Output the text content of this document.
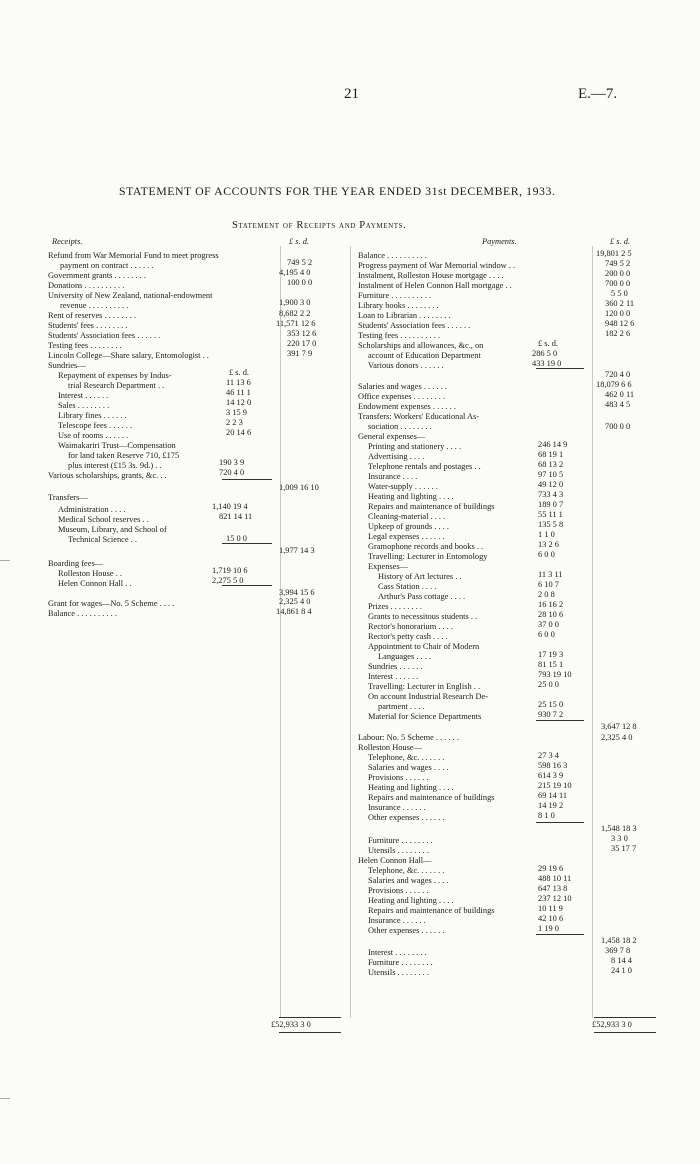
21	E.—7.
STATEMENT OF ACCOUNTS FOR THE YEAR ENDED 31st DECEMBER, 1933.
Statement of Receipts and Payments.
Receipts.	£ s. d.	Payments.	£ s. d.
Refund from War Memorial Fund to meet progress
payment on contract . . . . . .	749 5 2
Government grants . . . . . . . .	4,195 4 0
Donations . . . . . . . . . .	100 0 0
University of New Zealand, national-endowment
revenue . . . . . . . . . .	1,900 3 0
Rent of reserves . . . . . . . .	8,682 2 2
Students' fees . . . . . . . .	11,571 12 6
Students' Association fees . . . . . .	353 12 6
Testing fees . . . . . . . .	220 17 0
Lincoln College—Share salary, Entomologist . .	391 7 9
Sundries—
Repayment of expenses by Indus-	£ s. d.
trial Research Department . .	11 13 6
Interest . . . . . .	46 11 1
Sales . . . . . . . .	14 12 0
Library fines . . . . . .	3 15 9
Telescope fees . . . . . .	2 2 3
Use of rooms . . . . . .	20 14 6
Waimakariri Trust—Compensation
for land taken Reserve 710, £175
plus interest (£15 3s. 9d.) . .	190 3 9
Various scholarships, grants, &c. . .	720 4 0
1,009 16 10
Transfers—
Administration . . . .	1,140 19 4
Medical School reserves . .	821 14 11
Museum, Library, and School of
Technical Science . .	15 0 0
1,977 14 3
Boarding fees—
Rolleston House . .	1,719 10 6
Helen Connon Hall . .	2,275 5 0
3,994 15 6
Grant for wages—No. 5 Scheme . . . .	2,325 4 0
Balance . . . . . . . . . .	14,861 8 4
£52,933 3 0
Balance . . . . . . . . . .	19,801 2 5
Progress payment of War Memorial window . .	749 5 2
Instalment, Rolleston House mortgage . . . .	200 0 0
Instalment of Helen Connon Hall mortgage . .	700 0 0
Furniture . . . . . . . . . .	5 5 0
Library books . . . . . . . .	360 2 11
Loan to Librarian . . . . . . . .	120 0 0
Students' Association fees . . . . . .	948 12 6
Testing fees . . . . . . . . . .	182 2 6
Scholarships and allowances, &c., on	£ s. d.
account of Education Department	286 5 0
Various donors . . . . . .	433 19 0
720 4 0
Salaries and wages . . . . . .	18,079 6 6
Office expenses . . . . . . . .	462 0 11
Endowment expenses . . . . . .	483 4 5
Transfers: Workers' Educational As-
sociation . . . . . . . .	700 0 0
General expenses—
Printing and stationery . . . .	246 14 9
Advertising . . . .	68 19 1
Telephone rentals and postages . .	68 13 2
Insurance . . . .	97 10 5
Water-supply . . . . . .	49 12 0
Heating and lighting . . . .	733 4 3
Repairs and maintenance of buildings	189 0 7
Cleaning-material . . . .	55 11 1
Upkeep of grounds . . . .	135 5 8
Legal expenses . . . . . .	1 1 0
Gramophone records and books . .	13 2 6
Travelling: Lecturer in Entomology	6 0 0
Expenses—
History of Art lectures . .	11 3 11
Cass Station . . . .	6 10 7
Arthur's Pass cottage . . . .	2 0 8
Prizes . . . . . . . .	16 16 2
Grants to necessitous students . .	28 10 6
Rector's honorarium . . . .	37 0 0
Rector's petty cash . . . .	6 0 0
Appointment to Chair of Modern
Languages . . . .	17 19 3
Sundries . . . . . .	81 15 1
Interest . . . . . .	793 19 10
Travelling: Lecturer in English . .	25 0 0
On account Industrial Research De-
partment . . . .	25 15 0
Material for Science Departments	930 7 2
3,647 12 8
Labour: No. 5 Scheme . . . . . .	2,325 4 0
Rolleston House—
Telephone, &c. . . . . . .	27 3 4
Salaries and wages . . . .	598 16 3
Provisions . . . . . .	614 3 9
Heating and lighting . . . .	215 19 10
Repairs and maintenance of buildings	69 14 11
Insurance . . . . . .	14 19 2
Other expenses . . . . . .	8 1 0
1,548 18 3
Furniture . . . . . . . .	3 3 0
Utensils . . . . . . . .	35 17 7
Helen Connon Hall—
Telephone, &c. . . . . . .	29 19 6
Salaries and wages . . . .	488 10 11
Provisions . . . . . .	647 13 8
Heating and lighting . . . .	237 12 10
Repairs and maintenance of buildings	10 11 9
Insurance . . . . . .	42 10 6
Other expenses . . . . . .	1 19 0
1,458 18 2
Interest . . . . . . . .	369 7 8
Furniture . . . . . . . .	8 14 4
Utensils . . . . . . . .	24 1 0
£52,933 3 0
